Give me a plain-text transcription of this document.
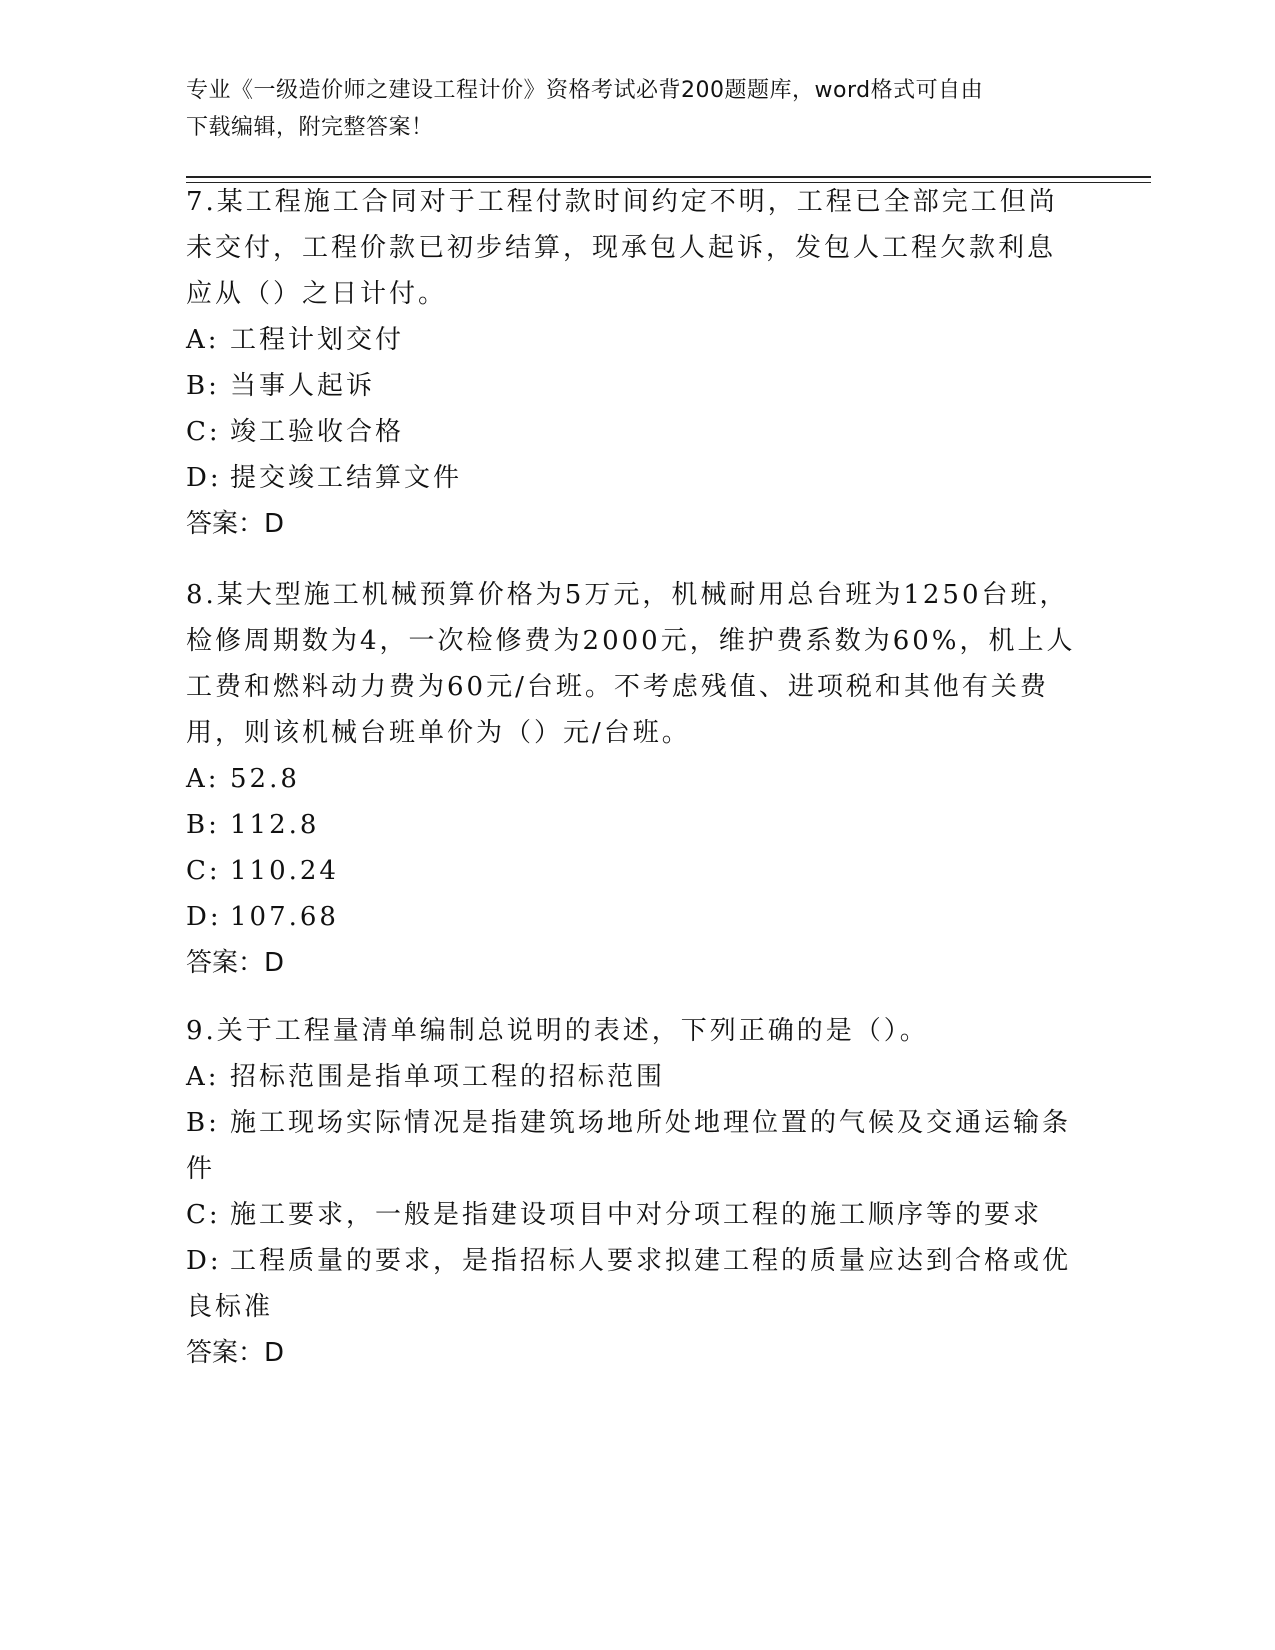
专业《一级造价师之建设工程计价》资格考试必背200题题库，word格式可自由
下载编辑，附完整答案！

7.某工程施工合同对于工程付款时间约定不明，工程已全部完工但尚

未交付，工程价款已初步结算，现承包人起诉，发包人工程欠款利息

应从（）之日计付。

A: 工程计划交付

B: 当事人起诉

C: 竣工验收合格

D: 提交竣工结算文件

答案：D

8.某大型施工机械预算价格为5万元，机械耐用总台班为1250台班，

检修周期数为4，一次检修费为2000元，维护费系数为60%，机上人

工费和燃料动力费为60元/台班。不考虑残值、进项税和其他有关费

用，则该机械台班单价为（）元/台班。

A: 52.8

B: 112.8

C: 110.24

D: 107.68

答案：D

9.关于工程量清单编制总说明的表述，下列正确的是（）。

A: 招标范围是指单项工程的招标范围

B: 施工现场实际情况是指建筑场地所处地理位置的气候及交通运输条

件

C: 施工要求，一般是指建设项目中对分项工程的施工顺序等的要求

D: 工程质量的要求，是指招标人要求拟建工程的质量应达到合格或优

良标准

答案：D
